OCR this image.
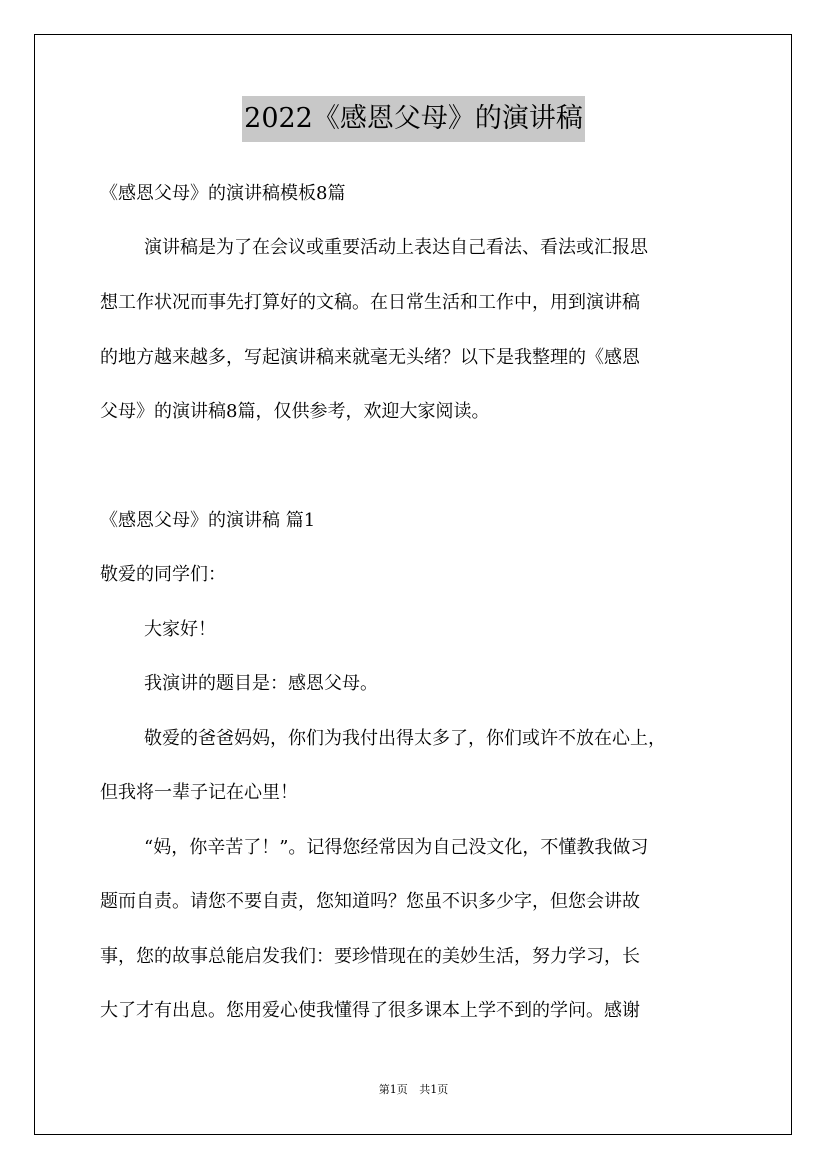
2022《感恩父母》的演讲稿
《感恩父母》的演讲稿模板8篇
演讲稿是为了在会议或重要活动上表达自己看法、看法或汇报思
想工作状况而事先打算好的文稿。在日常生活和工作中，用到演讲稿
的地方越来越多，写起演讲稿来就毫无头绪？以下是我整理的《感恩
父母》的演讲稿8篇，仅供参考，欢迎大家阅读。
《感恩父母》的演讲稿 篇1
敬爱的同学们：
大家好！
我演讲的题目是：感恩父母。
敬爱的爸爸妈妈，你们为我付出得太多了，你们或许不放在心上，
但我将一辈子记在心里！
“妈，你辛苦了！”。记得您经常因为自己没文化，不懂教我做习
题而自责。请您不要自责，您知道吗？您虽不识多少字，但您会讲故
事，您的故事总能启发我们：要珍惜现在的美妙生活，努力学习，长
大了才有出息。您用爱心使我懂得了很多课本上学不到的学问。感谢
第1页 共1页
